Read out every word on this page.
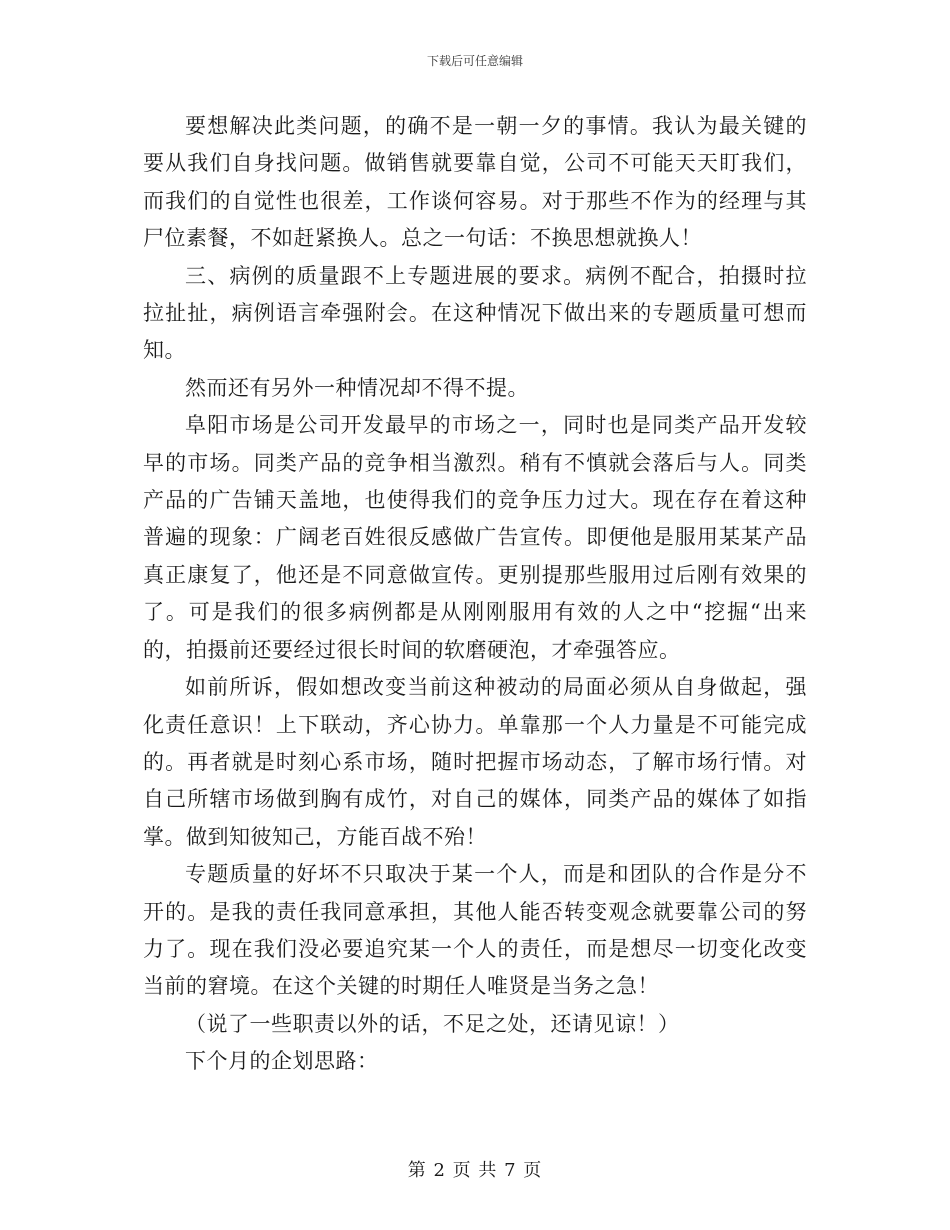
下载后可任意编辑

要想解决此类问题，的确不是一朝一夕的事情。我认为最关键的要从我们自身找问题。做销售就要靠自觉，公司不可能天天盯我们，而我们的自觉性也很差，工作谈何容易。对于那些不作为的经理与其尸位素餐，不如赶紧换人。总之一句话：不换思想就换人！

三、病例的质量跟不上专题进展的要求。病例不配合，拍摄时拉拉扯扯，病例语言牵强附会。在这种情况下做出来的专题质量可想而知。

然而还有另外一种情况却不得不提。

阜阳市场是公司开发最早的市场之一，同时也是同类产品开发较早的市场。同类产品的竞争相当激烈。稍有不慎就会落后与人。同类产品的广告铺天盖地，也使得我们的竞争压力过大。现在存在着这种普遍的现象：广阔老百姓很反感做广告宣传。即便他是服用某某产品真正康复了，他还是不同意做宣传。更别提那些服用过后刚有效果的了。可是我们的很多病例都是从刚刚服用有效的人之中“挖掘“出来的，拍摄前还要经过很长时间的软磨硬泡，才牵强答应。

如前所诉，假如想改变当前这种被动的局面必须从自身做起，强化责任意识！上下联动，齐心协力。单靠那一个人力量是不可能完成的。再者就是时刻心系市场，随时把握市场动态，了解市场行情。对自己所辖市场做到胸有成竹，对自己的媒体，同类产品的媒体了如指掌。做到知彼知己，方能百战不殆！

专题质量的好坏不只取决于某一个人，而是和团队的合作是分不开的。是我的责任我同意承担，其他人能否转变观念就要靠公司的努力了。现在我们没必要追究某一个人的责任，而是想尽一切变化改变当前的窘境。在这个关键的时期任人唯贤是当务之急！

（说了一些职责以外的话，不足之处，还请见谅！）

下个月的企划思路：

第 2 页 共 7 页
